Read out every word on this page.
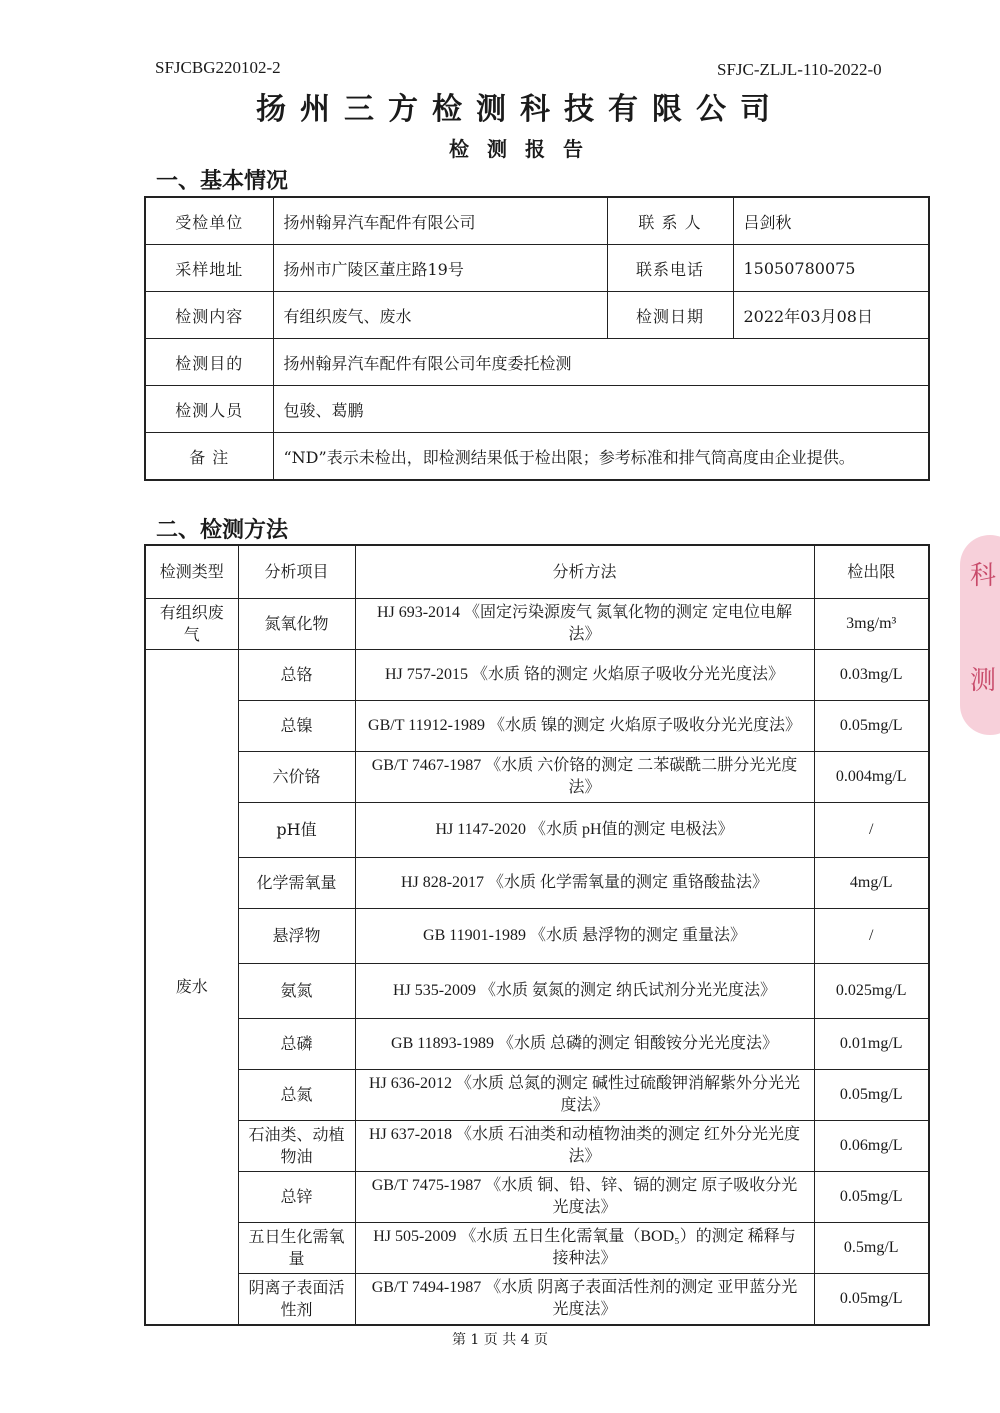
SFJCBG220102-2	SFJC-ZLJL-110-2022-0
扬州三方检测科技有限公司
检测报告
一、基本情况
受检单位	扬州翰昇汽车配件有限公司	联 系 人	吕剑秋
采样地址	扬州市广陵区董庄路19号	联系电话	15050780075
检测内容	有组织废气、废水	检测日期	2022年03月08日
检测目的	扬州翰昇汽车配件有限公司年度委托检测		
检测人员	包骏、葛鹏		
备 注	“ND”表示未检出，即检测结果低于检出限；参考标准和排气筒高度由企业提供。		
二、检测方法
检测类型	分析项目	分析方法	检出限
有组织废气	氮氧化物	HJ 693-2014 《固定污染源废气 氮氧化物的测定 定电位电解法》	3mg/m³
废水	总铬	HJ 757-2015 《水质 铬的测定 火焰原子吸收分光光度法》	0.03mg/L
	总镍	GB/T 11912-1989 《水质 镍的测定 火焰原子吸收分光光度法》	0.05mg/L
	六价铬	GB/T 7467-1987 《水质 六价铬的测定 二苯碳酰二肼分光光度法》	0.004mg/L
	pH值	HJ 1147-2020 《水质 pH值的测定 电极法》	/
	化学需氧量	HJ 828-2017 《水质 化学需氧量的测定 重铬酸盐法》	4mg/L
	悬浮物	GB 11901-1989 《水质 悬浮物的测定 重量法》	/
	氨氮	HJ 535-2009 《水质 氨氮的测定 纳氏试剂分光光度法》	0.025mg/L
	总磷	GB 11893-1989 《水质 总磷的测定 钼酸铵分光光度法》	0.01mg/L
	总氮	HJ 636-2012 《水质 总氮的测定 碱性过硫酸钾消解紫外分光光度法》	0.05mg/L
	石油类、动植物油	HJ 637-2018 《水质 石油类和动植物油类的测定 红外分光光度法》	0.06mg/L
	总锌	GB/T 7475-1987 《水质 铜、铅、锌、镉的测定 原子吸收分光光度法》	0.05mg/L
	五日生化需氧量	HJ 505-2009 《水质 五日生化需氧量（BOD₅）的测定 稀释与接种法》	0.5mg/L
	阴离子表面活性剂	GB/T 7494-1987 《水质 阴离子表面活性剂的测定 亚甲蓝分光光度法》	0.05mg/L
科
测
第 1 页 共 4 页
